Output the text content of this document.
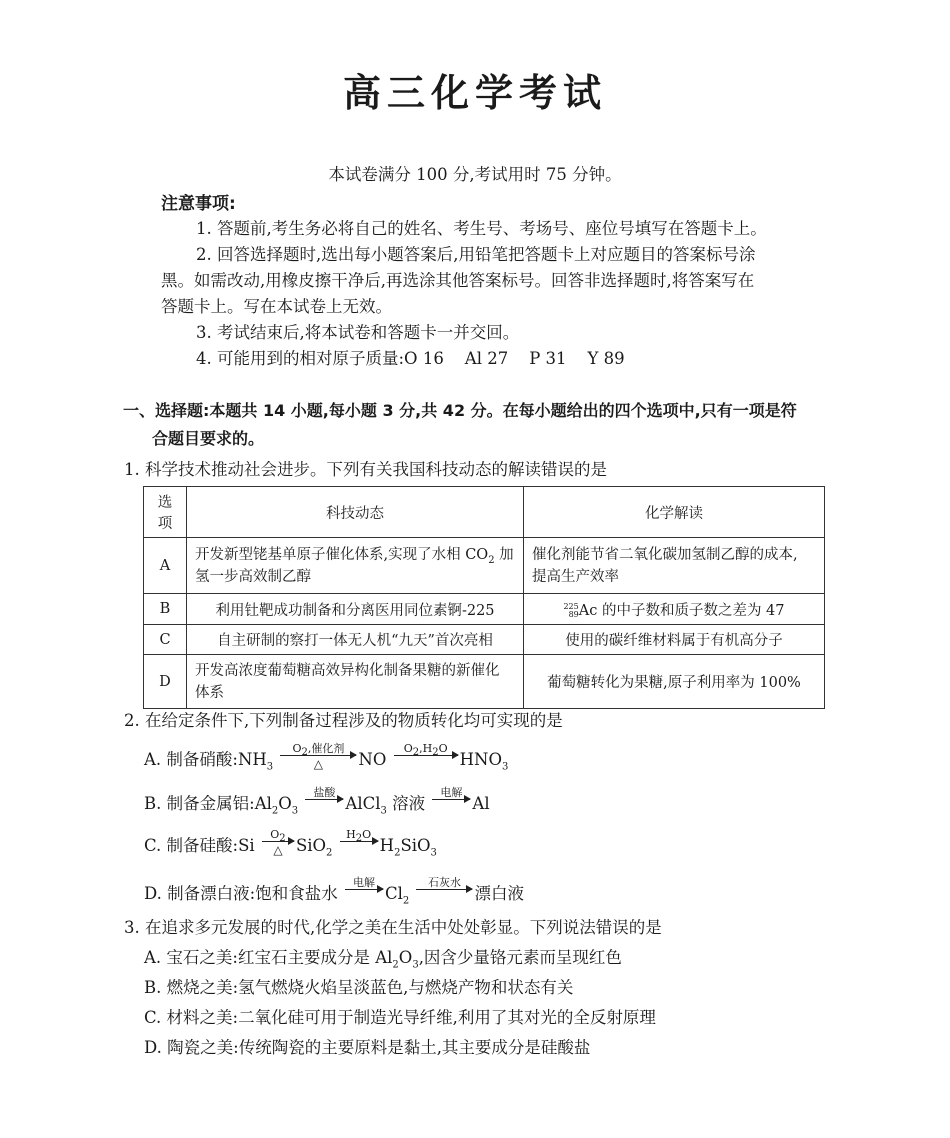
高三化学考试
本试卷满分 100 分,考试用时 75 分钟。
注意事项:
1. 答题前,考生务必将自己的姓名、考生号、考场号、座位号填写在答题卡上。
2. 回答选择题时,选出每小题答案后,用铅笔把答题卡上对应题目的答案标号涂
黑。如需改动,用橡皮擦干净后,再选涂其他答案标号。回答非选择题时,将答案写在
答题卡上。写在本试卷上无效。
3. 考试结束后,将本试卷和答题卡一并交回。
4. 可能用到的相对原子质量:O 16    Al 27    P 31    Y 89
一、选择题:本题共 14 小题,每小题 3 分,共 42 分。在每小题给出的四个选项中,只有一项是符
合题目要求的。
1. 科学技术推动社会进步。下列有关我国科技动态的解读错误的是
选项	科技动态	化学解读
A	开发新型铑基单原子催化体系,实现了水相 $CO_2$ 加
氢一步高效制乙醇	催化剂能节省二氧化碳加氢制乙醇的成本,
提高生产效率
B	利用钍靶成功制备和分离医用同位素锕-225	225
89 Ac 的中子数和质子数之差为 47
C	自主研制的察打一体无人机“九天”首次亮相	使用的碳纤维材料属于有机高分子
D	开发高浓度葡萄糖高效异构化制备果糖的新催化
体系	葡萄糖转化为果糖,原子利用率为 100%
2. 在给定条件下,下列制备过程涉及的物质转化均可实现的是
A. 制备硝酸$:NH_3$
$O_2$,催化剂
△ NO
$O_2,H_2O$
$HNO_3$
B. 制备金属铝$:Al_2O_3$
盐酸
AlCl$_3$ 溶液
电解
Al
C. 制备硅酸:Si
$O_2$
△ SiO$_2$
$H_2O$
$H_2SiO_3$
D. 制备漂白液:饱和食盐水
电解
$Cl_2$
石灰水
漂白液
3. 在追求多元发展的时代,化学之美在生活中处处彰显。下列说法错误的是
A. 宝石之美:红宝石主要成分是 $Al_2O_3$,因含少量铬元素而呈现红色
B. 燃烧之美:氢气燃烧火焰呈淡蓝色,与燃烧产物和状态有关
C. 材料之美:二氧化硅可用于制造光导纤维,利用了其对光的全反射原理
D. 陶瓷之美:传统陶瓷的主要原料是黏土,其主要成分是硅酸盐
